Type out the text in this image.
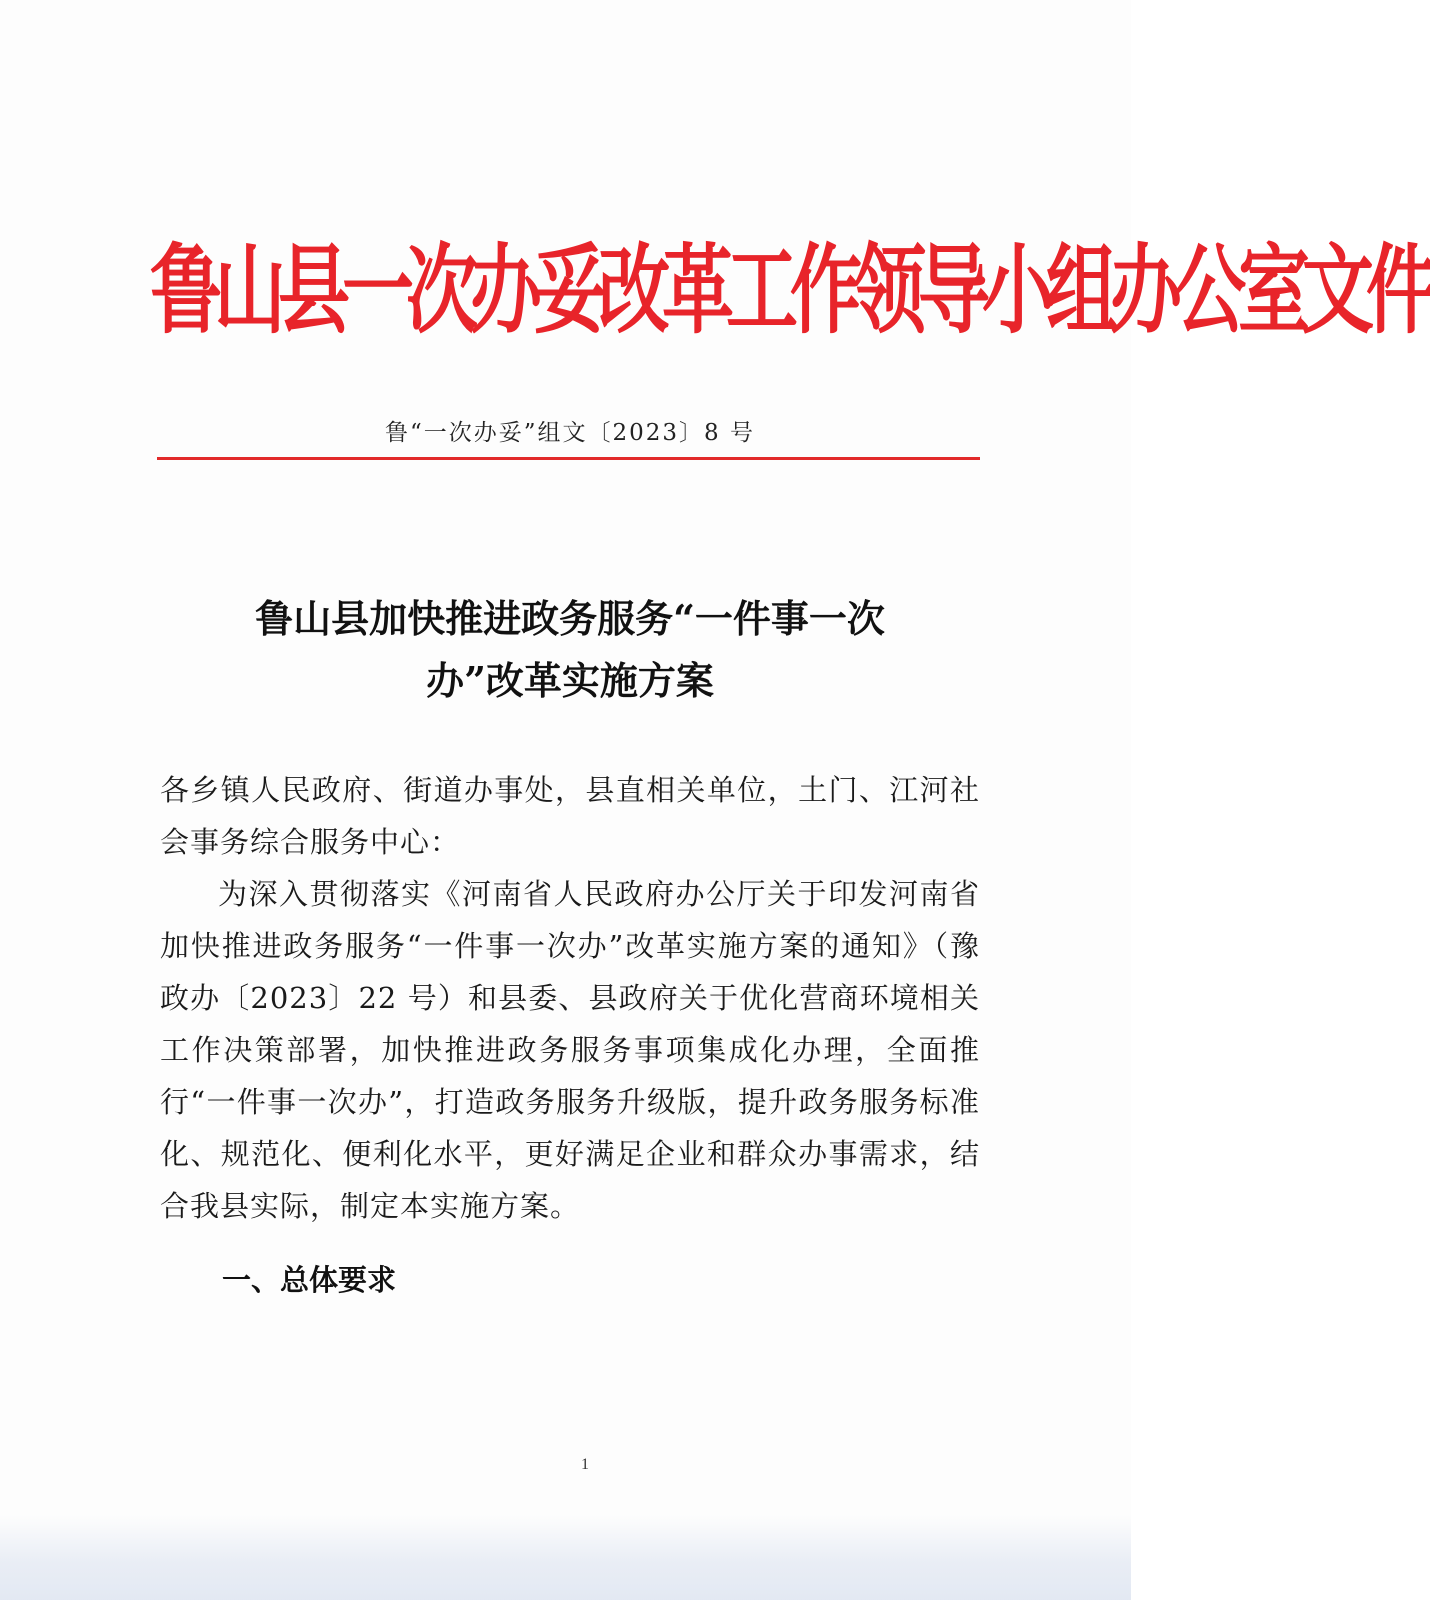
鲁山县一次办妥改革工作领导小组办公室文件
鲁“一次办妥”组文〔2023〕8 号
鲁山县加快推进政务服务“一件事一次
办”改革实施方案

各乡镇人民政府、街道办事处，县直相关单位，土门、江河社会事务综合服务中心：

为深入贯彻落实《河南省人民政府办公厅关于印发河南省加快推进政务服务“一件事一次办”改革实施方案的通知》（豫政办〔2023〕22 号）和县委、县政府关于优化营商环境相关工作决策部署，加快推进政务服务事项集成化办理，全面推行“一件事一次办”，打造政务服务升级版，提升政务服务标准化、规范化、便利化水平，更好满足企业和群众办事需求，结合我县实际，制定本实施方案。

一、总体要求
1
